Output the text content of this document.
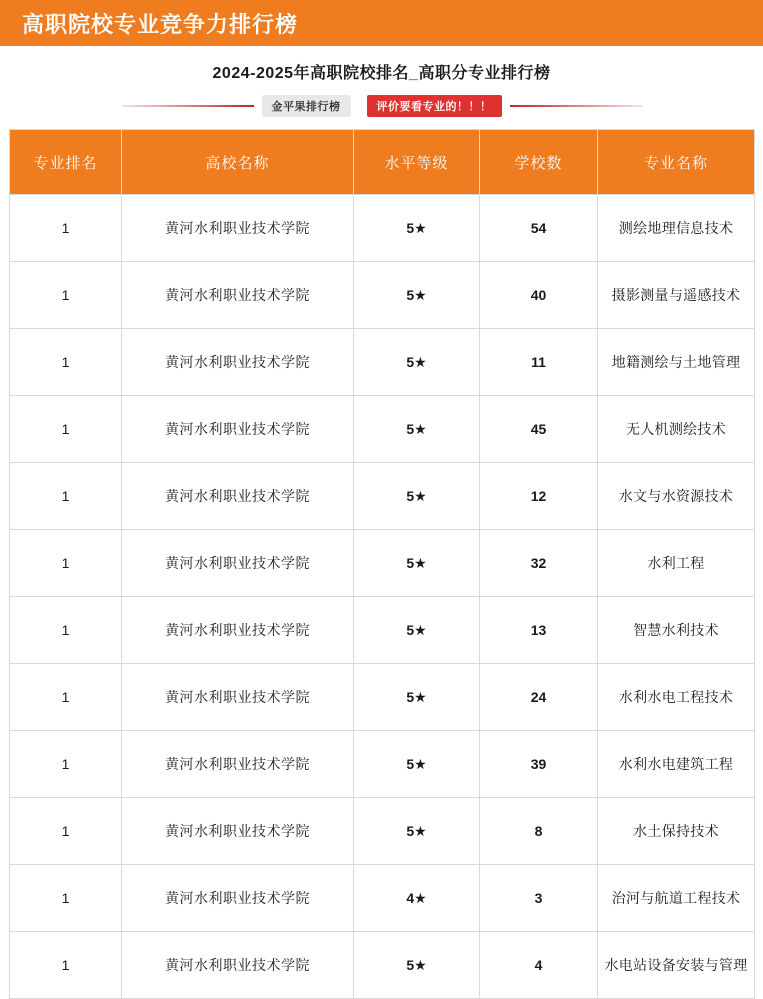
高职院校专业竞争力排行榜
2024-2025年高职院校排名_高职分专业排行榜
金平果排行榜	评价要看专业的！！！
专业排名	高校名称	水平等级	学校数	专业名称
1	黄河水利职业技术学院	5★	54	测绘地理信息技术
1	黄河水利职业技术学院	5★	40	摄影测量与遥感技术
1	黄河水利职业技术学院	5★	11	地籍测绘与土地管理
1	黄河水利职业技术学院	5★	45	无人机测绘技术
1	黄河水利职业技术学院	5★	12	水文与水资源技术
1	黄河水利职业技术学院	5★	32	水利工程
1	黄河水利职业技术学院	5★	13	智慧水利技术
1	黄河水利职业技术学院	5★	24	水利水电工程技术
1	黄河水利职业技术学院	5★	39	水利水电建筑工程
1	黄河水利职业技术学院	5★	8	水土保持技术
1	黄河水利职业技术学院	4★	3	治河与航道工程技术
1	黄河水利职业技术学院	5★	4	水电站设备安装与管理
